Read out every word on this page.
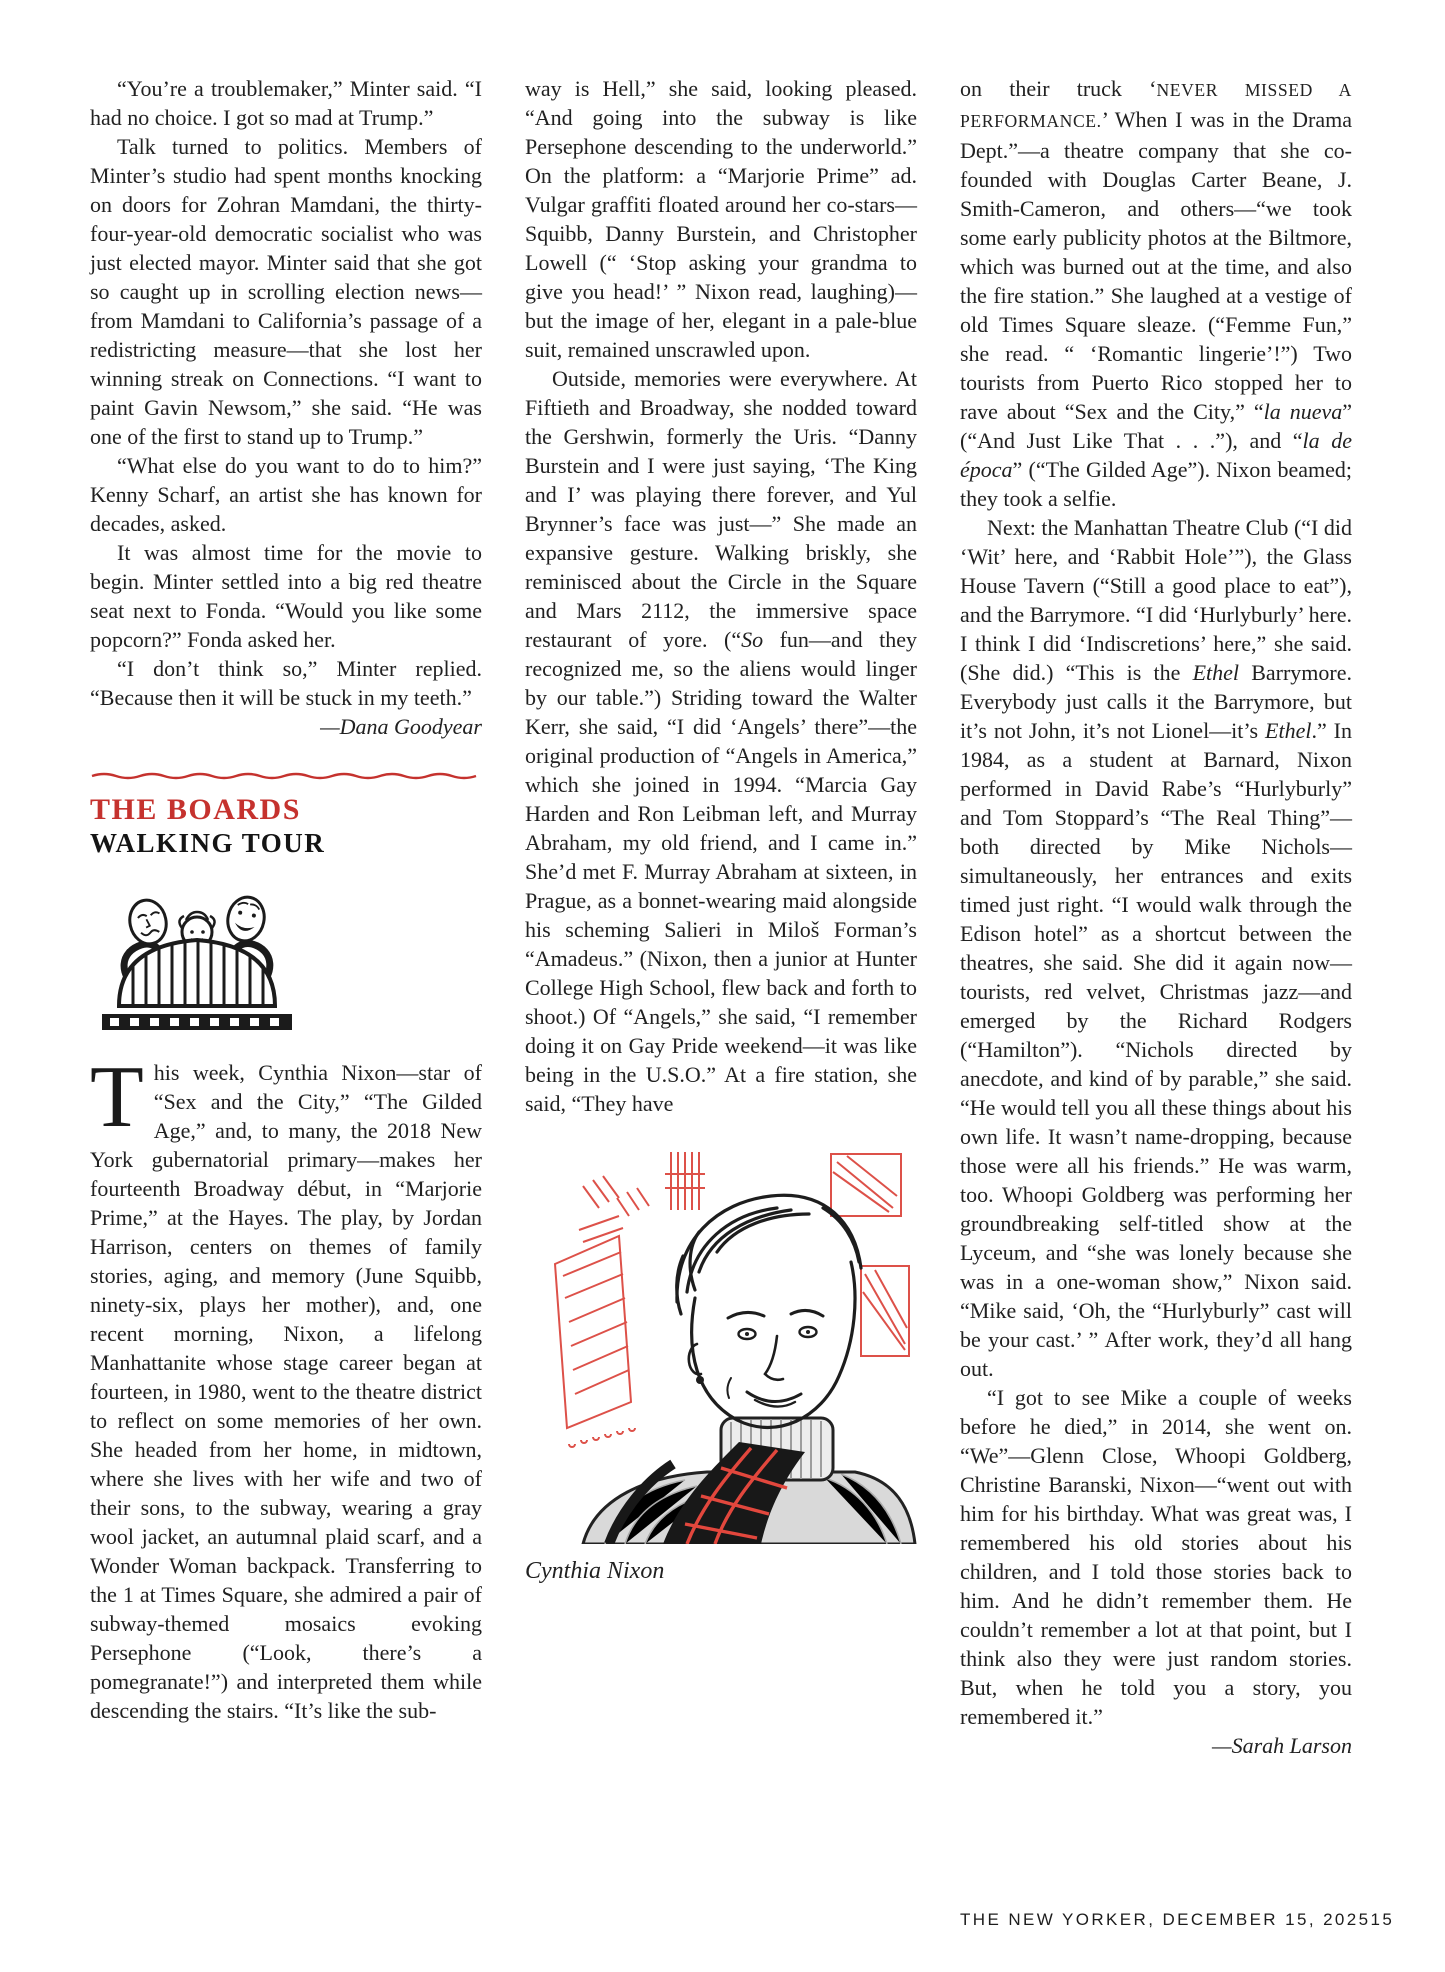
“You’re a troublemaker,” Minter said. “I had no choice. I got so mad at Trump.”

Talk turned to politics. Members of Minter’s studio had spent months knocking on doors for Zohran Mamdani, the thirty-four-year-old democratic socialist who was just elected mayor. Minter said that she got so caught up in scrolling election news—from Mamdani to California’s passage of a redistricting measure—that she lost her winning streak on Connections. “I want to paint Gavin Newsom,” she said. “He was one of the first to stand up to Trump.”

“What else do you want to do to him?” Kenny Scharf, an artist she has known for decades, asked.

It was almost time for the movie to begin. Minter settled into a big red theatre seat next to Fonda. “Would you like some popcorn?” Fonda asked her.

“I don’t think so,” Minter replied. “Because then it will be stuck in my teeth.”

—Dana Goodyear

THE BOARDS
WALKING TOUR

This week, Cynthia Nixon—star of “Sex and the City,” “The Gilded Age,” and, to many, the 2018 New York gubernatorial primary—makes her fourteenth Broadway début, in “Marjorie Prime,” at the Hayes. The play, by Jordan Harrison, centers on themes of family stories, aging, and memory (June Squibb, ninety-six, plays her mother), and, one recent morning, Nixon, a lifelong Manhattanite whose stage career began at fourteen, in 1980, went to the theatre district to reflect on some memories of her own. She headed from her home, in midtown, where she lives with her wife and two of their sons, to the subway, wearing a gray wool jacket, an autumnal plaid scarf, and a Wonder Woman backpack. Transferring to the 1 at Times Square, she admired a pair of subway-themed mosaics evoking Persephone (“Look, there’s a pomegranate!”) and interpreted them while descending the stairs. “It’s like the sub-

way is Hell,” she said, looking pleased. “And going into the subway is like Persephone descending to the underworld.” On the platform: a “Marjorie Prime” ad. Vulgar graffiti floated around her co-stars—Squibb, Danny Burstein, and Christopher Lowell (“ ‘Stop asking your grandma to give you head!’ ” Nixon read, laughing)—but the image of her, elegant in a pale-blue suit, remained unscrawled upon.

Outside, memories were everywhere. At Fiftieth and Broadway, she nodded toward the Gershwin, formerly the Uris. “Danny Burstein and I were just saying, ‘The King and I’ was playing there forever, and Yul Brynner’s face was just—” She made an expansive gesture. Walking briskly, she reminisced about the Circle in the Square and Mars 2112, the immersive space restaurant of yore. (“So fun—and they recognized me, so the aliens would linger by our table.”) Striding toward the Walter Kerr, she said, “I did ‘Angels’ there”—the original production of “Angels in America,” which she joined in 1994. “Marcia Gay Harden and Ron Leibman left, and Murray Abraham, my old friend, and I came in.” She’d met F. Murray Abraham at sixteen, in Prague, as a bonnet-wearing maid alongside his scheming Salieri in Miloš Forman’s “Amadeus.” (Nixon, then a junior at Hunter College High School, flew back and forth to shoot.) Of “Angels,” she said, “I remember doing it on Gay Pride weekend—it was like being in the U.S.O.” At a fire station, she said, “They have

Cynthia Nixon

on their truck ‘NEVER MISSED A PERFORMANCE.’ When I was in the Drama Dept.”—a theatre company that she co-founded with Douglas Carter Beane, J. Smith-Cameron, and others—“we took some early publicity photos at the Biltmore, which was burned out at the time, and also the fire station.” She laughed at a vestige of old Times Square sleaze. (“Femme Fun,” she read. “ ‘Romantic lingerie’!”) Two tourists from Puerto Rico stopped her to rave about “Sex and the City,” “la nueva” (“And Just Like That . . .”), and “la de época” (“The Gilded Age”). Nixon beamed; they took a selfie.

Next: the Manhattan Theatre Club (“I did ‘Wit’ here, and ‘Rabbit Hole’”), the Glass House Tavern (“Still a good place to eat”), and the Barrymore. “I did ‘Hurlyburly’ here. I think I did ‘Indiscretions’ here,” she said. (She did.) “This is the Ethel Barrymore. Everybody just calls it the Barrymore, but it’s not John, it’s not Lionel—it’s Ethel.” In 1984, as a student at Barnard, Nixon performed in David Rabe’s “Hurlyburly” and Tom Stoppard’s “The Real Thing”—both directed by Mike Nichols—simultaneously, her entrances and exits timed just right. “I would walk through the Edison hotel” as a shortcut between the theatres, she said. She did it again now—tourists, red velvet, Christmas jazz—and emerged by the Richard Rodgers (“Hamilton”). “Nichols directed by anecdote, and kind of by parable,” she said. “He would tell you all these things about his own life. It wasn’t name-dropping, because those were all his friends.” He was warm, too. Whoopi Goldberg was performing her groundbreaking self-titled show at the Lyceum, and “she was lonely because she was in a one-woman show,” Nixon said. “Mike said, ‘Oh, the “Hurlyburly” cast will be your cast.’ ” After work, they’d all hang out.

“I got to see Mike a couple of weeks before he died,” in 2014, she went on. “We”—Glenn Close, Whoopi Goldberg, Christine Baranski, Nixon—“went out with him for his birthday. What was great was, I remembered his old stories about his children, and I told those stories back to him. And he didn’t remember them. He couldn’t remember a lot at that point, but I think also they were just random stories. But, when he told you a story, you remembered it.”

—Sarah Larson

THE NEW YORKER, DECEMBER 15, 2025 15
